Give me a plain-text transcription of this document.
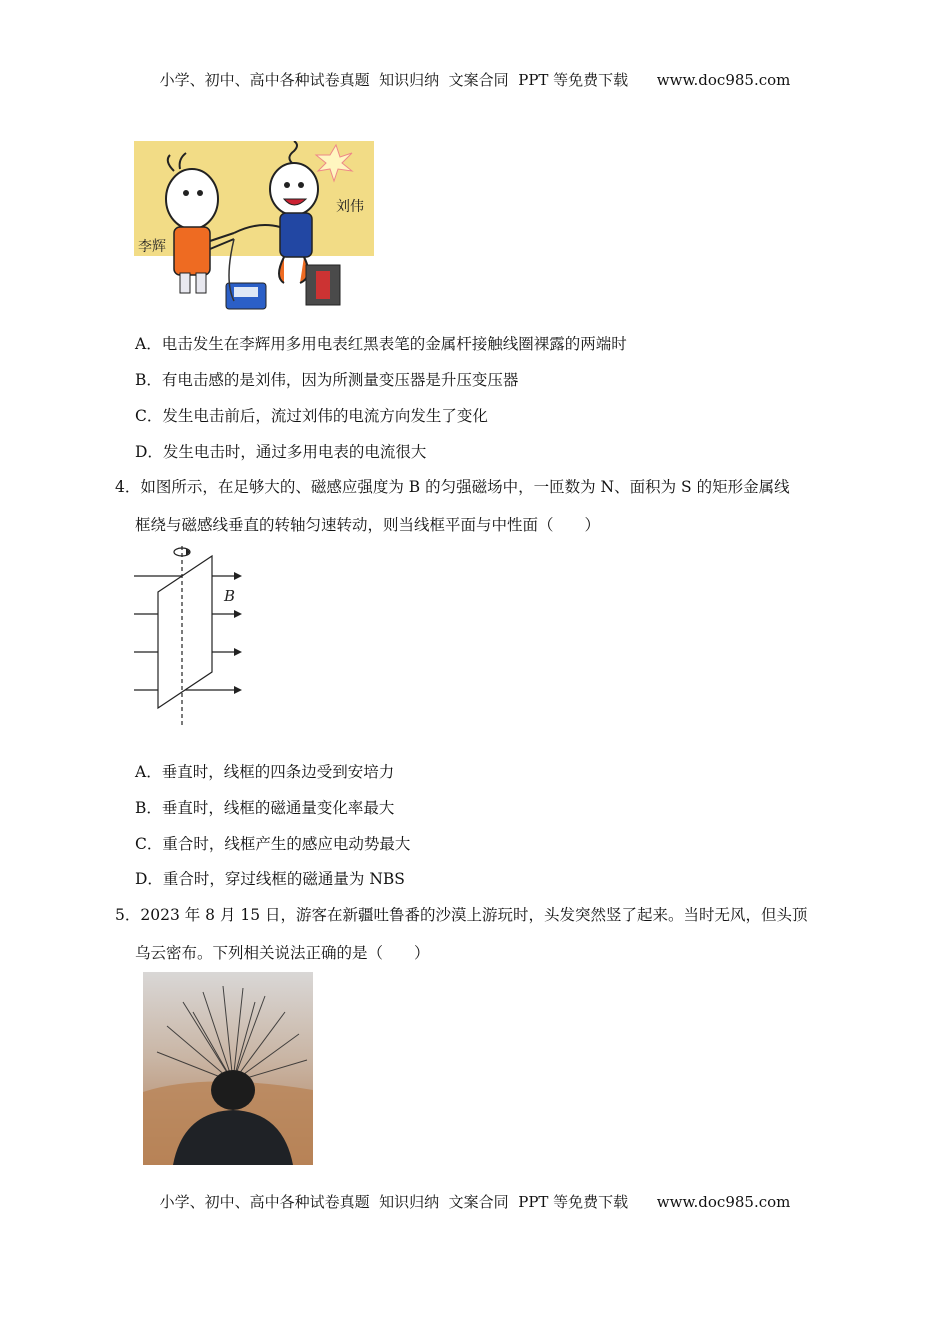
小学、初中、高中各种试卷真题  知识归纳  文案合同  PPT 等免费下载      www.doc985.com
李辉
刘伟
A．电击发生在李辉用多用电表红黑表笔的金属杆接触线圈裸露的两端时
B．有电击感的是刘伟，因为所测量变压器是升压变压器
C．发生电击前后，流过刘伟的电流方向发生了变化
D．发生电击时，通过多用电表的电流很大
4．如图所示，在足够大的、磁感应强度为 B 的匀强磁场中，一匝数为 N、面积为 S 的矩形金属线
框绕与磁感线垂直的转轴匀速转动，则当线框平面与中性面（　　）
B
A．垂直时，线框的四条边受到安培力
B．垂直时，线框的磁通量变化率最大
C．重合时，线框产生的感应电动势最大
D．重合时，穿过线框的磁通量为 NBS
5．2023 年 8 月 15 日，游客在新疆吐鲁番的沙漠上游玩时，头发突然竖了起来。当时无风，但头顶
乌云密布。下列相关说法正确的是（　　）
小学、初中、高中各种试卷真题  知识归纳  文案合同  PPT 等免费下载      www.doc985.com
